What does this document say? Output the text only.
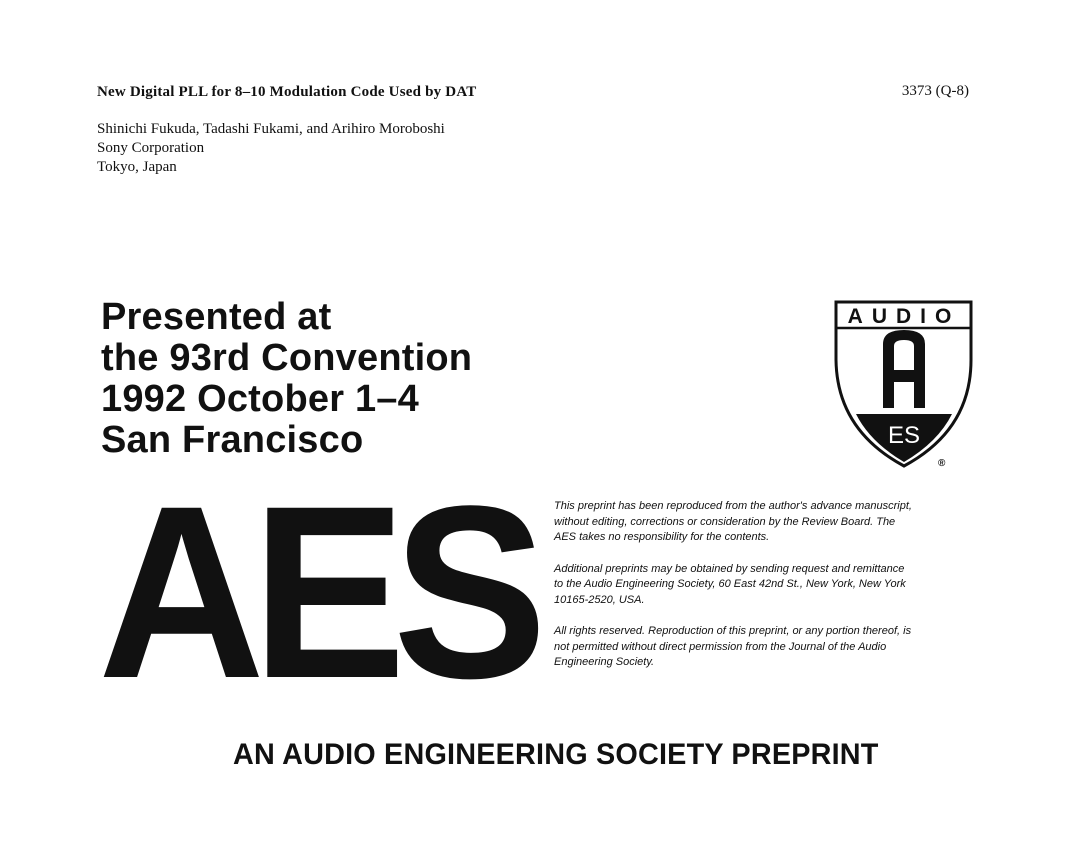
New Digital PLL for 8–10 Modulation Code Used by DAT	3373 (Q-8)
Shinichi Fukuda, Tadashi Fukami, and Arihiro Moroboshi
Sony Corporation
Tokyo, Japan
Presented at
the 93rd Convention
1992 October 1–4
San Francisco
AUDIO
ES
®
AES This preprint has been reproduced from the author's advance manuscript, without editing, corrections or consideration by the Review Board. The AES takes no responsibility for the contents.

Additional preprints may be obtained by sending request and remittance to the Audio Engineering Society, 60 East 42nd St., New York, New York 10165-2520, USA.

All rights reserved. Reproduction of this preprint, or any portion thereof, is not permitted without direct permission from the Journal of the Audio Engineering Society.

AN AUDIO ENGINEERING SOCIETY PREPRINT
